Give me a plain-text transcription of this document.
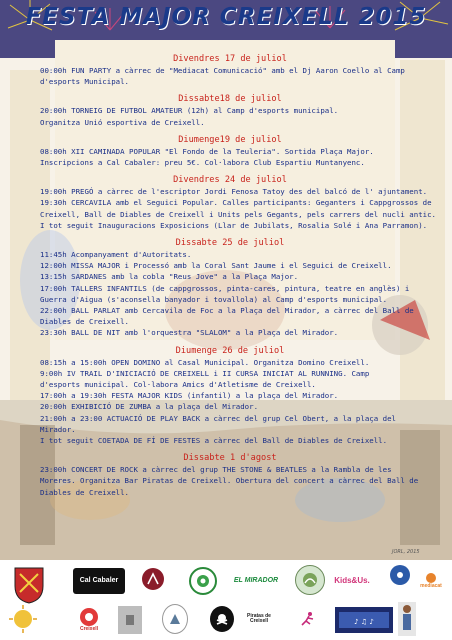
FESTA MAJOR CREIXELL 2015
Divendres 17 de juliol
00:00h FUN PARTY a càrrec de "Mediacat Comunicació" amb el Dj Aaron Coello al Camp
d'esports Municipal.
Dissabte18 de juliol
20:00h TORNEIG DE FUTBOL AMATEUR (12h) al Camp d'esports municipal.
Organitza Unió esportiva de Creixell.
Diumenge19 de juliol
08:00h XII CAMINADA POPULAR "El Fondo de la Teuleria". Sortida Plaça Major.
Inscripcions a Cal Cabaler: preu 5€. Col·labora Club Espartiu Muntanyenc.
Divendres 24 de juliol
19:00h PREGÓ a càrrec de l'escriptor Jordi Fenosa Tatoy des del balcó de l' ajuntament.
19:30h CERCAVILA amb el Seguici Popular. Calles participants: Geganters i Cappgrossos de
Creixell, Ball de Diables de Creixell i Units pels Gegants, pels carrers del nucli antic.
I tot seguit Inauguracions Exposicions (Llar de Jubilats, Rosalia Solé i Ana Parramon).
Dissabte 25 de juliol
11:45h Acompanyament d'Autoritats.
12:00h MISSA MAJOR i Processó amb la Coral Sant Jaume i el Seguici de Creixell.
13:15h SARDANES amb la cobla "Reus Jove" a la Plaça Major.
17:00h TALLERS INFANTILS (de cappgrossos, pinta-cares, pintura, teatre en anglès) i
Guerra d'Aigua (s'aconsella banyador i tovallola) al Camp d'esports municipal.
22:00h BALL PARLAT amb Cercavila de Foc a la Plaça del Mirador, a càrrec del Ball de
Diables de Creixell.
23:30h BALL DE NIT amb l'orquestra "SLALOM" a la Plaça del Mirador.
Diumenge 26 de juliol
08:15h a 15:00h OPEN DOMINO al Casal Municipal. Organitza Domino Creixell.
9:00h IV TRAIL D'INICIACIÓ DE CREIXELL i II CURSA INICIAT AL RUNNING. Camp
d'esports municipal. Col·labora Amics d'Atletisme de Creixell.
17:00h a 19:30h FESTA MAJOR KIDS (infantil) a la plaça del Mirador.
20:00h EXHIBICIÓ DE ZUMBA a la plaça del Mirador.
21:00h a 23:00 ACTUACIÓ DE PLAY BACK a càrrec del grup Cel Obert, a la plaça del
Mirador.
I tot seguit COETADA DE FÍ DE FESTES a càrrec del Ball de Diables de Creixell.
Dissabte 1 d'agost
23:00h CONCERT DE ROCK a càrrec del grup THE STONE & BEATLES a la Rambla de les
Moreres. Organitza Bar Piratas de Creixell. Obertura del concert a càrrec del Ball de
Diables de Creixell.
JORL, 2015
Cal Cabaler	EL MIRADOR	Kids&Us.
mediacat
Creixell
Piratas de Creixell	♪ ♫ ♪
